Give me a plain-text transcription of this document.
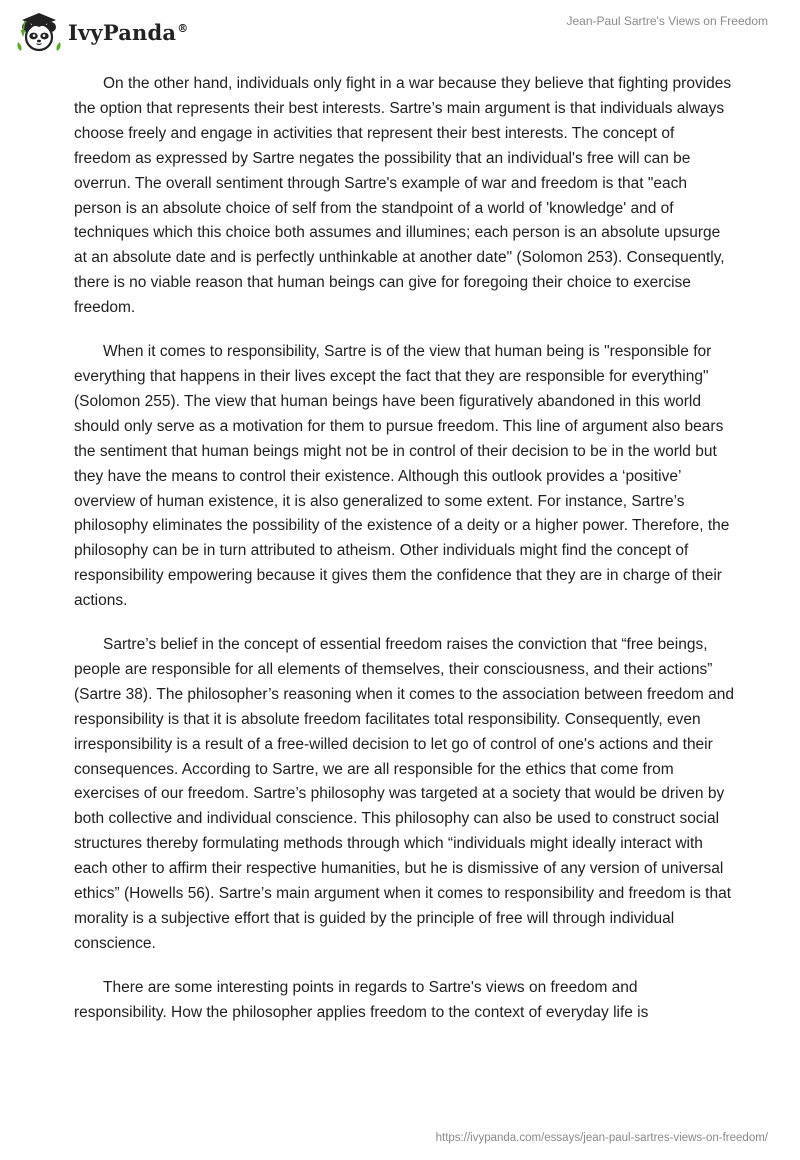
IvyPanda®	Jean-Paul Sartre's Views on Freedom

On the other hand, individuals only fight in a war because they believe that fighting provides the option that represents their best interests. Sartre’s main argument is that individuals always choose freely and engage in activities that represent their best interests. The concept of freedom as expressed by Sartre negates the possibility that an individual's free will can be overrun. The overall sentiment through Sartre's example of war and freedom is that "each person is an absolute choice of self from the standpoint of a world of 'knowledge' and of techniques which this choice both assumes and illumines; each person is an absolute upsurge at an absolute date and is perfectly unthinkable at another date" (Solomon 253). Consequently, there is no viable reason that human beings can give for foregoing their choice to exercise freedom.

When it comes to responsibility, Sartre is of the view that human being is "responsible for everything that happens in their lives except the fact that they are responsible for everything" (Solomon 255). The view that human beings have been figuratively abandoned in this world should only serve as a motivation for them to pursue freedom. This line of argument also bears the sentiment that human beings might not be in control of their decision to be in the world but they have the means to control their existence. Although this outlook provides a ‘positive’ overview of human existence, it is also generalized to some extent. For instance, Sartre’s philosophy eliminates the possibility of the existence of a deity or a higher power. Therefore, the philosophy can be in turn attributed to atheism. Other individuals might find the concept of responsibility empowering because it gives them the confidence that they are in charge of their actions.

Sartre’s belief in the concept of essential freedom raises the conviction that “free beings, people are responsible for all elements of themselves, their consciousness, and their actions” (Sartre 38). The philosopher’s reasoning when it comes to the association between freedom and responsibility is that it is absolute freedom facilitates total responsibility. Consequently, even irresponsibility is a result of a free-willed decision to let go of control of one's actions and their consequences. According to Sartre, we are all responsible for the ethics that come from exercises of our freedom. Sartre’s philosophy was targeted at a society that would be driven by both collective and individual conscience. This philosophy can also be used to construct social structures thereby formulating methods through which “individuals might ideally interact with each other to affirm their respective humanities, but he is dismissive of any version of universal ethics” (Howells 56). Sartre’s main argument when it comes to responsibility and freedom is that morality is a subjective effort that is guided by the principle of free will through individual conscience.

There are some interesting points in regards to Sartre's views on freedom and responsibility. How the philosopher applies freedom to the context of everyday life is

https://ivypanda.com/essays/jean-paul-sartres-views-on-freedom/
